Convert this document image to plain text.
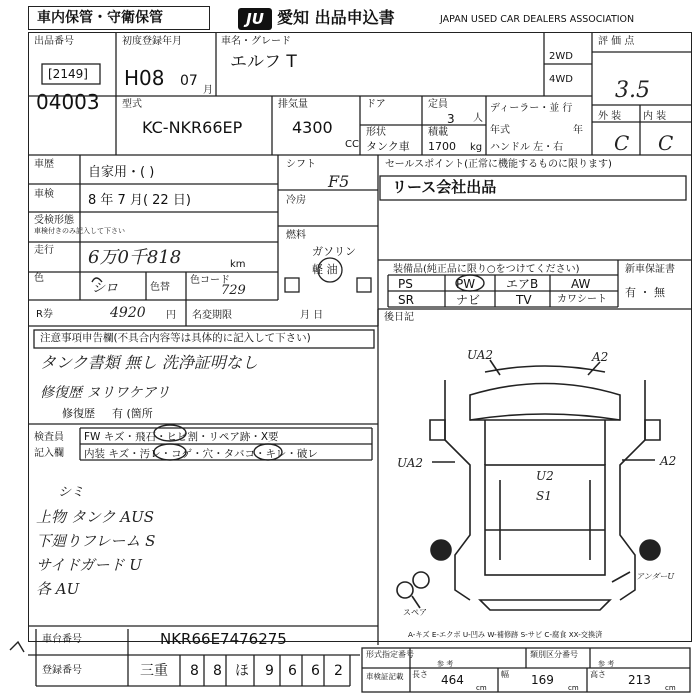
車内保管・守衛保管	JU 愛知 出品申込書	JAPAN USED CAR DEALERS ASSOCIATION
出品番号
[2149]
04003
初度登録年月
H08 07
月
車名・グレード
エルフ T	2WD
4WD
評 価 点
3.5
外 装 内 装
C C
型式
KC-NKR66EP
排気量
4300
CC
ドア	定員
3 人
形状
タンク車
積載
1700 kg
ディーラー・並 行
年式	年
ハンドル 左・右
車歴
自家用・( )
車検	8 年 7 月( 22 日)
受検形態
車検付きのみ記入して下さい
走行 6万0千818	km
色
シロ	色替
色コード
729
R券	4920 円 名変期限	月 日
シフト
F5
冷房
燃料
ガソリン
軽 油
セールスポイント(正常に機能するものに限ります)
リース会社出品
装備品(純正品に限り○をつけてください)
PS	PW	エアB	AW
SR	ナビ	TV	カワシート
新車保証書
有 ・ 無
注意事項申告欄(不具合内容等は具体的に記入して下さい)
タンク書類 無し 洗浄証明なし
修復歴 ヌリワケアリ
有 (箇所
修復歴
検査員
記入欄
FW キズ・飛石・ヒビ割・リペア跡・X要
内装 キズ・汚レ・コゲ・穴・タバコ・キレ・破レ
シミ
上物 タンク AUS
下廻りフレーム S
サイドガード U
各 AU
後日記
UA2	A2
UA2	A2
U2
S1
スペア
アンダーU
A-キズ E-エクボ U-凹み W-補修跡 S-サビ C-腐食 XX-交換済
車台番号	NKR66E7476275
登録番号	三重 8 8 ほ 9 6 6 2
形式指定番号	類別区分番号
参 考	参 考
車検証記載 長さ 464
cm
幅 169
cm
高さ 213
cm
